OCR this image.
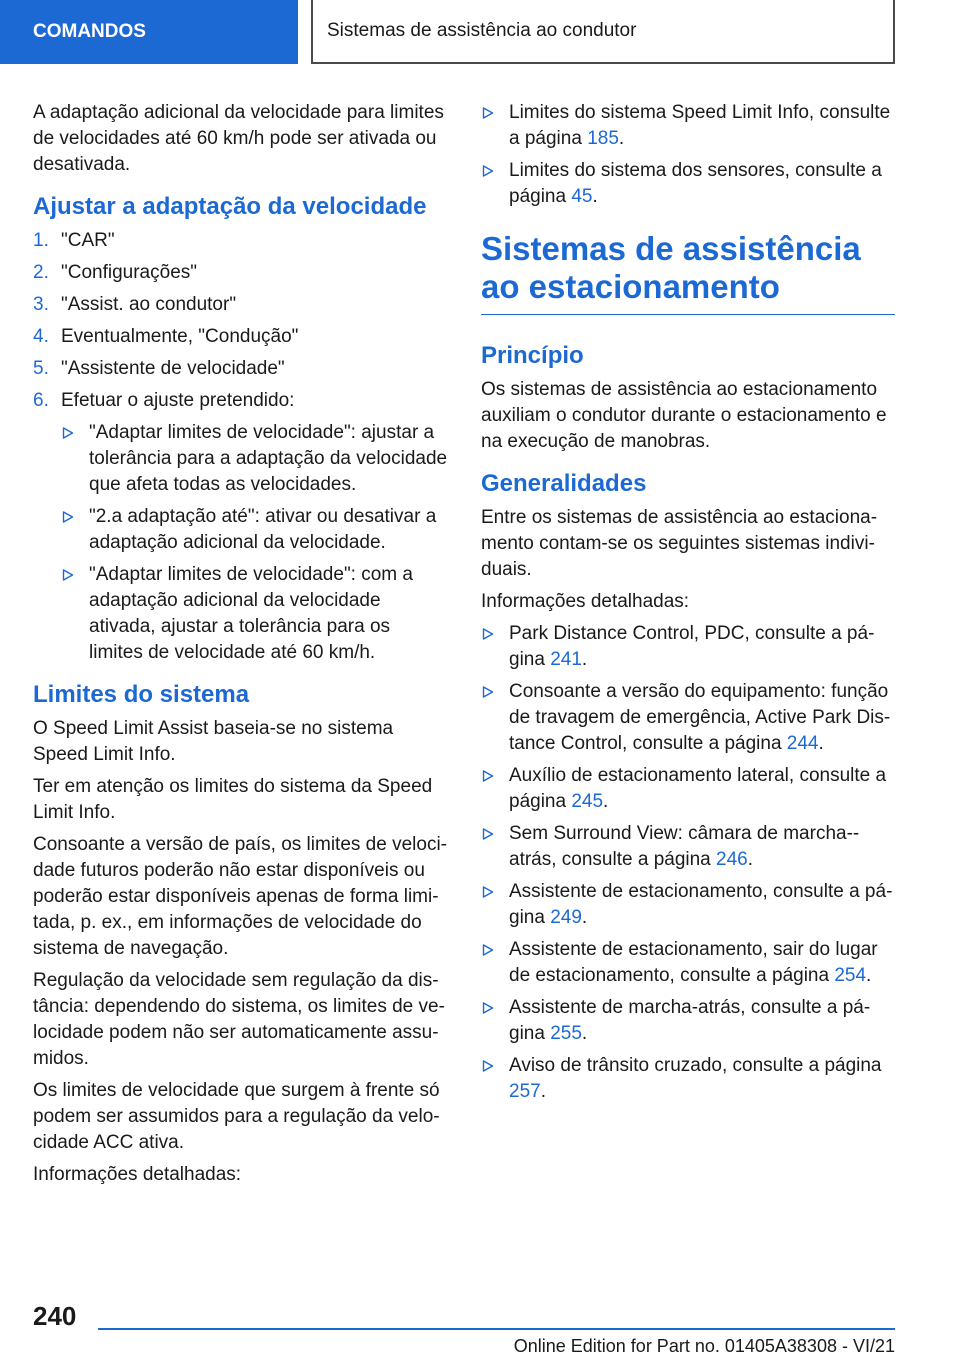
COMANDOS	Sistemas de assistência ao condutor

A adaptação adicional da velocidade para limites de velocidades até 60 km/h pode ser ativada ou desativada.

Ajustar a adaptação da velocidade
1. "CAR"
2. "Configurações"
3. "Assist. ao condutor"
4. Eventualmente, "Condução"
5. "Assistente de velocidade"
6. Efetuar o ajuste pretendido:
"Adaptar limites de velocidade": ajustar a tolerância para a adaptação da velocidade que afeta todas as velocidades.
"2.a adaptação até": ativar ou desativar a adaptação adicional da velocidade.
"Adaptar limites de velocidade": com a adaptação adicional da velocidade ativada, ajustar a tolerância para os limites de velocidade até 60 km/h.
Limites do sistema

O Speed Limit Assist baseia-se no sistema Speed Limit Info.

Ter em atenção os limites do sistema da Speed Limit Info.

Consoante a versão de país, os limites de velocidade futuros poderão não estar disponíveis ou poderão estar disponíveis apenas de forma limitada, p. ex., em informações de velocidade do sistema de navegação.

Regulação da velocidade sem regulação da distância: dependendo do sistema, os limites de velocidade podem não ser automaticamente assumidos.

Os limites de velocidade que surgem à frente só podem ser assumidos para a regulação da velocidade ACC ativa.

Informações detalhadas:

Limites do sistema Speed Limit Info, consulte a página 185.
Limites do sistema dos sensores, consulte a página 45.
Sistemas de assistência ao estacionamento
Princípio

Os sistemas de assistência ao estacionamento auxiliam o condutor durante o estacionamento e na execução de manobras.

Generalidades

Entre os sistemas de assistência ao estacionamento contam-se os seguintes sistemas individuais.

Informações detalhadas:

Park Distance Control, PDC, consulte a página 241.
Consoante a versão do equipamento: função de travagem de emergência, Active Park Distance Control, consulte a página 244.
Auxílio de estacionamento lateral, consulte a página 245.
Sem Surround View: câmara de marcha-atrás, consulte a página 246.
Assistente de estacionamento, consulte a página 249.
Assistente de estacionamento, sair do lugar de estacionamento, consulte a página 254.
Assistente de marcha-atrás, consulte a página 255.
Aviso de trânsito cruzado, consulte a página 257.
240
Online Edition for Part no. 01405A38308 - VI/21
